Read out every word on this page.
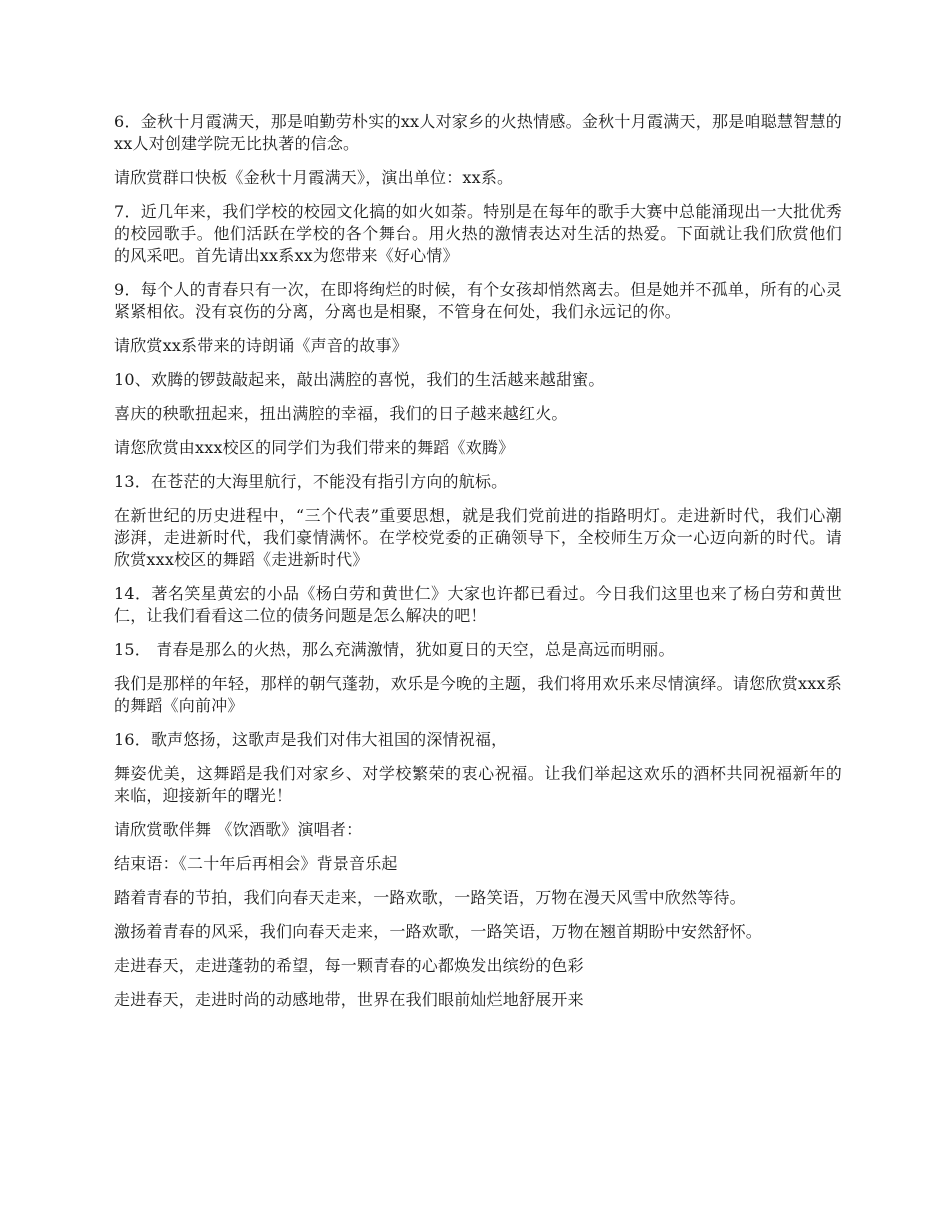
6．金秋十月霞满天，那是咱勤劳朴实的xx人对家乡的火热情感。金秋十月霞满天，那是咱聪慧智慧的xx人对创建学院无比执著的信念。

请欣赏群口快板《金秋十月霞满天》，演出单位：xx系。

7．近几年来，我们学校的校园文化搞的如火如荼。特别是在每年的歌手大赛中总能涌现出一大批优秀的校园歌手。他们活跃在学校的各个舞台。用火热的激情表达对生活的热爱。下面就让我们欣赏他们的风采吧。首先请出xx系xx为您带来《好心情》

9．每个人的青春只有一次，在即将绚烂的时候，有个女孩却悄然离去。但是她并不孤单，所有的心灵紧紧相依。没有哀伤的分离，分离也是相聚，不管身在何处，我们永远记的你。

请欣赏xx系带来的诗朗诵《声音的故事》

10、欢腾的锣鼓敲起来，敲出满腔的喜悦，我们的生活越来越甜蜜。

喜庆的秧歌扭起来，扭出满腔的幸福，我们的日子越来越红火。

请您欣赏由xxx校区的同学们为我们带来的舞蹈《欢腾》

13．在苍茫的大海里航行，不能没有指引方向的航标。

在新世纪的历史进程中，“三个代表”重要思想，就是我们党前进的指路明灯。走进新时代，我们心潮澎湃，走进新时代，我们豪情满怀。在学校党委的正确领导下，全校师生万众一心迈向新的时代。请欣赏xxx校区的舞蹈《走进新时代》

14．著名笑星黄宏的小品《杨白劳和黄世仁》大家也许都已看过。今日我们这里也来了杨白劳和黄世仁，让我们看看这二位的债务问题是怎么解决的吧！

15． 青春是那么的火热，那么充满激情，犹如夏日的天空，总是高远而明丽。

我们是那样的年轻，那样的朝气蓬勃，欢乐是今晚的主题，我们将用欢乐来尽情演绎。请您欣赏xxx系的舞蹈《向前冲》

16．歌声悠扬，这歌声是我们对伟大祖国的深情祝福，

舞姿优美，这舞蹈是我们对家乡、对学校繁荣的衷心祝福。让我们举起这欢乐的酒杯共同祝福新年的来临，迎接新年的曙光！

请欣赏歌伴舞 《饮酒歌》演唱者：

结束语：《二十年后再相会》背景音乐起

踏着青春的节拍，我们向春天走来，一路欢歌，一路笑语，万物在漫天风雪中欣然等待。

激扬着青春的风采，我们向春天走来，一路欢歌，一路笑语，万物在翘首期盼中安然舒怀。

走进春天，走进蓬勃的希望，每一颗青春的心都焕发出缤纷的色彩

走进春天，走进时尚的动感地带，世界在我们眼前灿烂地舒展开来
